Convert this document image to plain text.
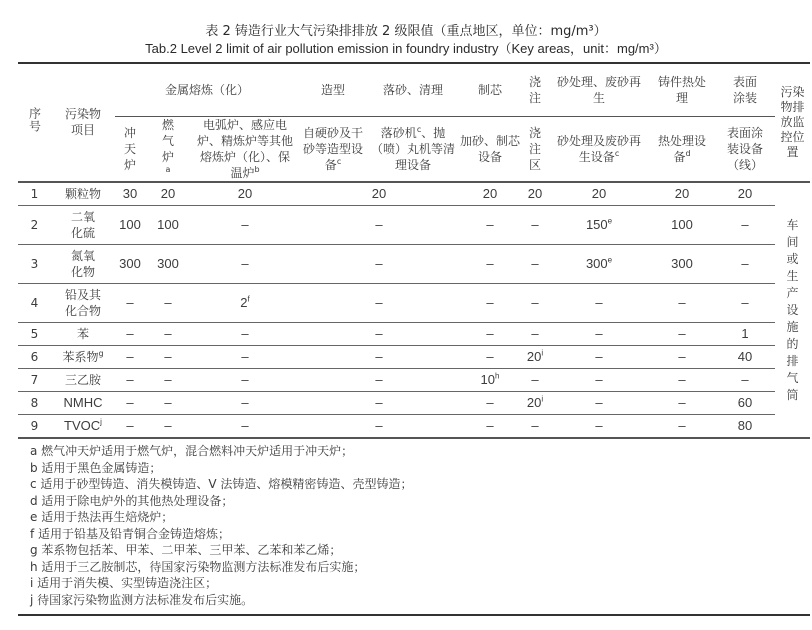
表 2 铸造行业大气污染排排放 2 级限值（重点地区，单位：mg/m³）
Tab.2 Level 2 limit of air pollution emission in foundry industry（Key areas，unit：mg/m³）
序号	污染物项目	金属熔炼（化）			造型	落砂、清理	制芯	浇注	砂处理、废砂再生	铸件热处理	表面涂装	污染物排放监控位置

		冲天炉	燃气炉$^a$	电弧炉、感应电炉、精炼炉等其他熔炼炉（化）、保温炉$^b$	自硬砂及干砂等造型设备$^c$	落砂机$^c$、抛（喷）丸机等清理设备	加砂、制芯设备	浇注区	砂处理及废砂再生设备$^c$	热处理设备$^d$	表面涂装设备（线）	

1	颗粒物	30	20	20	20		20	20	20	20	20	车间或生产设施的排气筒

2	二氧化硫	100	100	–	–		–	–	150e	100	–	
3	氮氧化物	300	300	–	–		–	–	300e	300	–	
4	铅及其化合物	–	–	2$^f$	–		–	–	–	–	–	
5	苯	–	–	–	–		–	–	–	–	1	
6	苯系物$^g$	–	–	–	–		–	20$^i$	–	–	40	
7	三乙胺	–	–	–	–		10$^h$	–	–	–	–	
8	NMHC	–	–	–	–		–	20$^i$	–	–	60	
9	TVOC$^j$	–	–	–	–		–	–	–	–	80	
a 燃气冲天炉适用于燃气炉，混合燃料冲天炉适用于冲天炉；
b 适用于黑色金属铸造；
c 适用于砂型铸造、消失模铸造、V 法铸造、熔模精密铸造、壳型铸造；
d 适用于除电炉外的其他热处理设备；
e 适用于热法再生焙烧炉；
f 适用于铅基及铅青铜合金铸造熔炼；
g 苯系物包括苯、甲苯、二甲苯、三甲苯、乙苯和苯乙烯；
h 适用于三乙胺制芯，待国家污染物监测方法标准发布后实施；
i 适用于消失模、实型铸造浇注区；
j 待国家污染物监测方法标准发布后实施。
